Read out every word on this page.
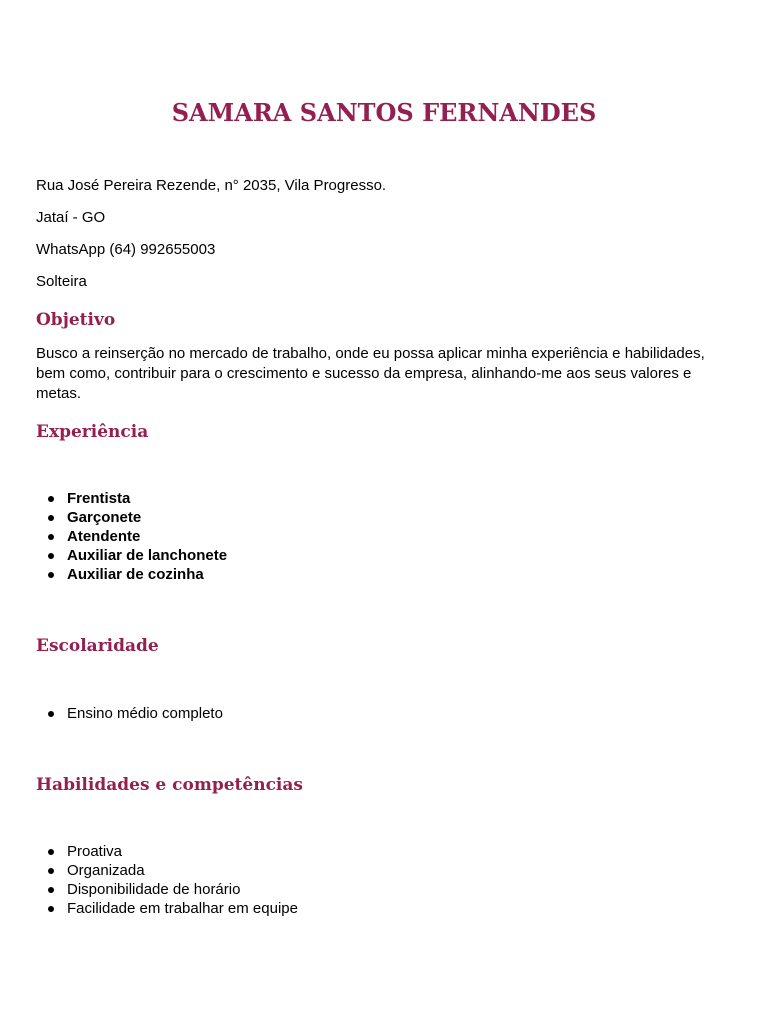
SAMARA SANTOS FERNANDES

Rua José Pereira Rezende, n° 2035, Vila Progresso.

Jataí - GO

WhatsApp (64) 992655003

Solteira

Objetivo

Busco a reinserção no mercado de trabalho, onde eu possa aplicar minha experiência e habilidades, bem como, contribuir para o crescimento e sucesso da empresa, alinhando-me aos seus valores e metas.

Experiência
Frentista
Garçonete
Atendente
Auxiliar de lanchonete
Auxiliar de cozinha
Escolaridade
Ensino médio completo
Habilidades e competências
Proativa
Organizada
Disponibilidade de horário
Facilidade em trabalhar em equipe
